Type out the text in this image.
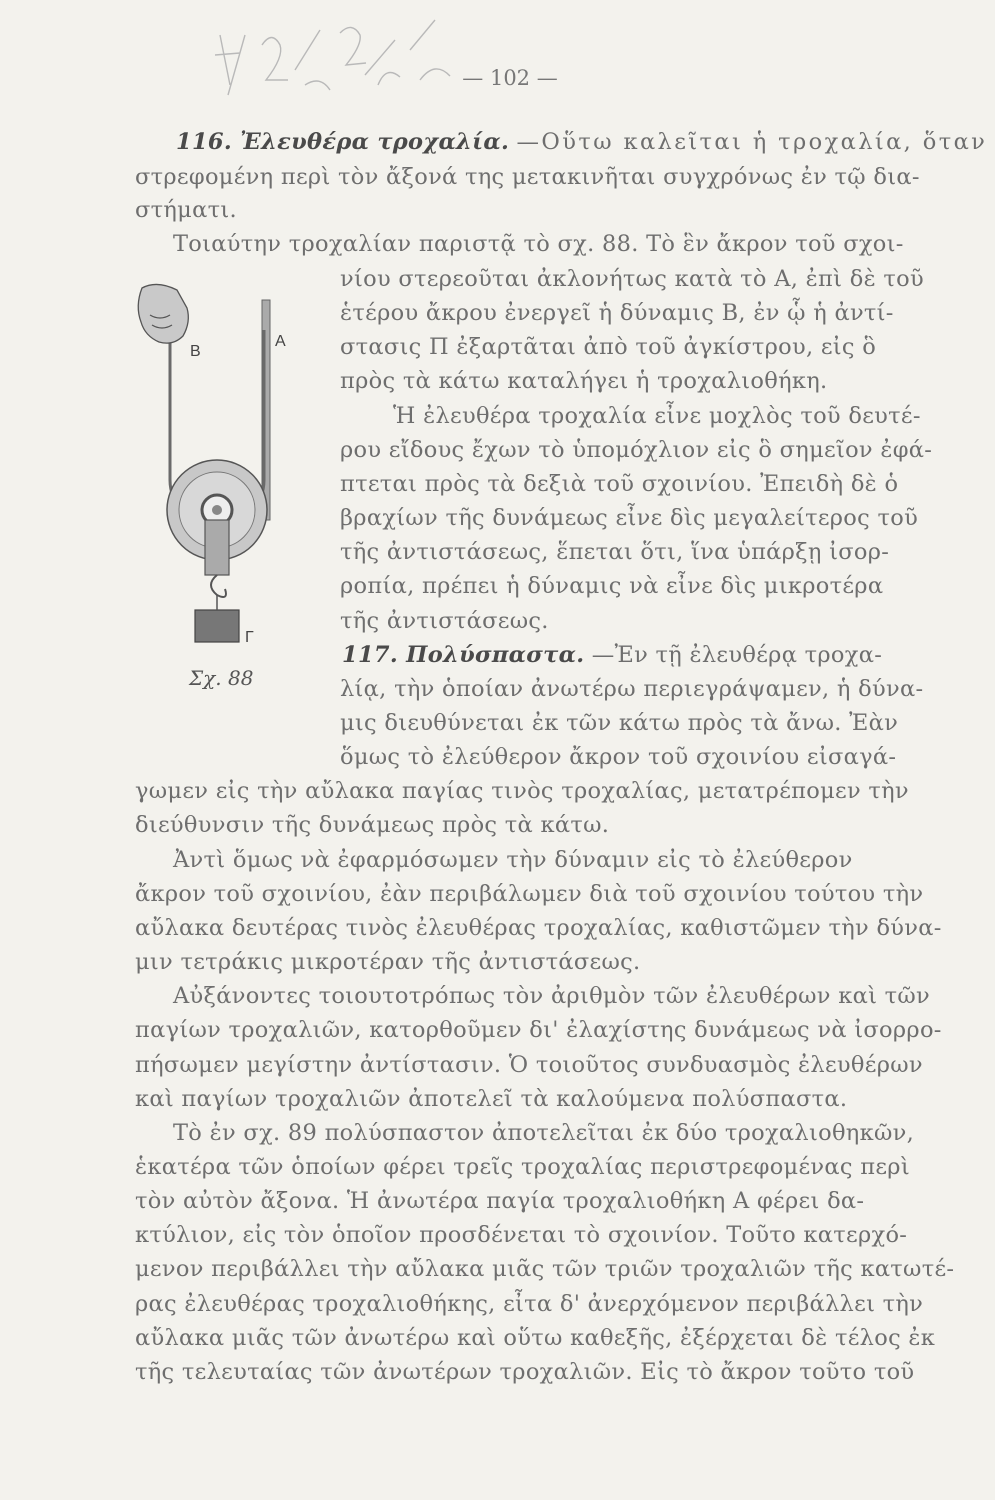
— 102 —
116. Ἐλευθέρα τροχαλία. —Οὕτω καλεῖται ἡ τροχαλία, ὅταν
στρεφομένη περὶ τὸν ἄξονά της μετακινῆται συγχρόνως ἐν τῷ δια-
στήματι.
Τοιαύτην τροχαλίαν παριστᾷ τὸ σχ. 88. Τὸ ἓν ἄκρον τοῦ σχοι-
νίου στερεοῦται ἀκλονήτως κατὰ τὸ Α, ἐπὶ δὲ τοῦ
ἑτέρου ἄκρου ἐνεργεῖ ἡ δύναμις Β, ἐν ᾧ ἡ ἀντί-
στασις Π ἐξαρτᾶται ἀπὸ τοῦ ἀγκίστρου, εἰς ὃ
πρὸς τὰ κάτω καταλήγει ἡ τροχαλιοθήκη.
Ἡ ἐλευθέρα τροχαλία εἶνε μοχλὸς τοῦ δευτέ-
ρου εἴδους ἔχων τὸ ὑπομόχλιον εἰς ὃ σημεῖον ἐφά-
πτεται πρὸς τὰ δεξιὰ τοῦ σχοινίου. Ἐπειδὴ δὲ ὁ
βραχίων τῆς δυνάμεως εἶνε δὶς μεγαλείτερος τοῦ
τῆς ἀντιστάσεως, ἕπεται ὅτι, ἵνα ὑπάρξῃ ἰσορ-
ροπία, πρέπει ἡ δύναμις νὰ εἶνε δὶς μικροτέρα
τῆς ἀντιστάσεως.
117. Πολύσπαστα. —Ἐν τῇ ἐλευθέρᾳ τροχα-
λίᾳ, τὴν ὁποίαν ἀνωτέρω περιεγράψαμεν, ἡ δύνα-
μις διευθύνεται ἐκ τῶν κάτω πρὸς τὰ ἄνω. Ἐὰν
ὅμως τὸ ἐλεύθερον ἄκρον τοῦ σχοινίου εἰσαγά-
γωμεν εἰς τὴν αὔλακα παγίας τινὸς τροχαλίας, μετατρέπομεν τὴν
διεύθυνσιν τῆς δυνάμεως πρὸς τὰ κάτω.
Ἀντὶ ὅμως νὰ ἐφαρμόσωμεν τὴν δύναμιν εἰς τὸ ἐλεύθερον
ἄκρον τοῦ σχοινίου, ἐὰν περιβάλωμεν διὰ τοῦ σχοινίου τούτου τὴν
αὔλακα δευτέρας τινὸς ἐλευθέρας τροχαλίας, καθιστῶμεν τὴν δύνα-
μιν τετράκις μικροτέραν τῆς ἀντιστάσεως.
Αὐξάνοντες τοιουτοτρόπως τὸν ἀριθμὸν τῶν ἐλευθέρων καὶ τῶν
παγίων τροχαλιῶν, κατορθοῦμεν δι' ἐλαχίστης δυνάμεως νὰ ἰσορρο-
πήσωμεν μεγίστην ἀντίστασιν. Ὁ τοιοῦτος συνδυασμὸς ἐλευθέρων
καὶ παγίων τροχαλιῶν ἀποτελεῖ τὰ καλούμενα πολύσπαστα.
Τὸ ἐν σχ. 89 πολύσπαστον ἀποτελεῖται ἐκ δύο τροχαλιοθηκῶν,
ἑκατέρα τῶν ὁποίων φέρει τρεῖς τροχαλίας περιστρεφομένας περὶ
τὸν αὐτὸν ἄξονα. Ἡ ἀνωτέρα παγία τροχαλιοθήκη Α φέρει δα-
κτύλιον, εἰς τὸν ὁποῖον προσδένεται τὸ σχοινίον. Τοῦτο κατερχό-
μενον περιβάλλει τὴν αὔλακα μιᾶς τῶν τριῶν τροχαλιῶν τῆς κατωτέ-
ρας ἐλευθέρας τροχαλιοθήκης, εἶτα δ' ἀνερχόμενον περιβάλλει τὴν
αὔλακα μιᾶς τῶν ἀνωτέρω καὶ οὕτω καθεξῆς, ἐξέρχεται δὲ τέλος ἐκ
τῆς τελευταίας τῶν ἀνωτέρων τροχαλιῶν. Εἰς τὸ ἄκρον τοῦτο τοῦ
Β
Α
Γ
Σχ. 88
